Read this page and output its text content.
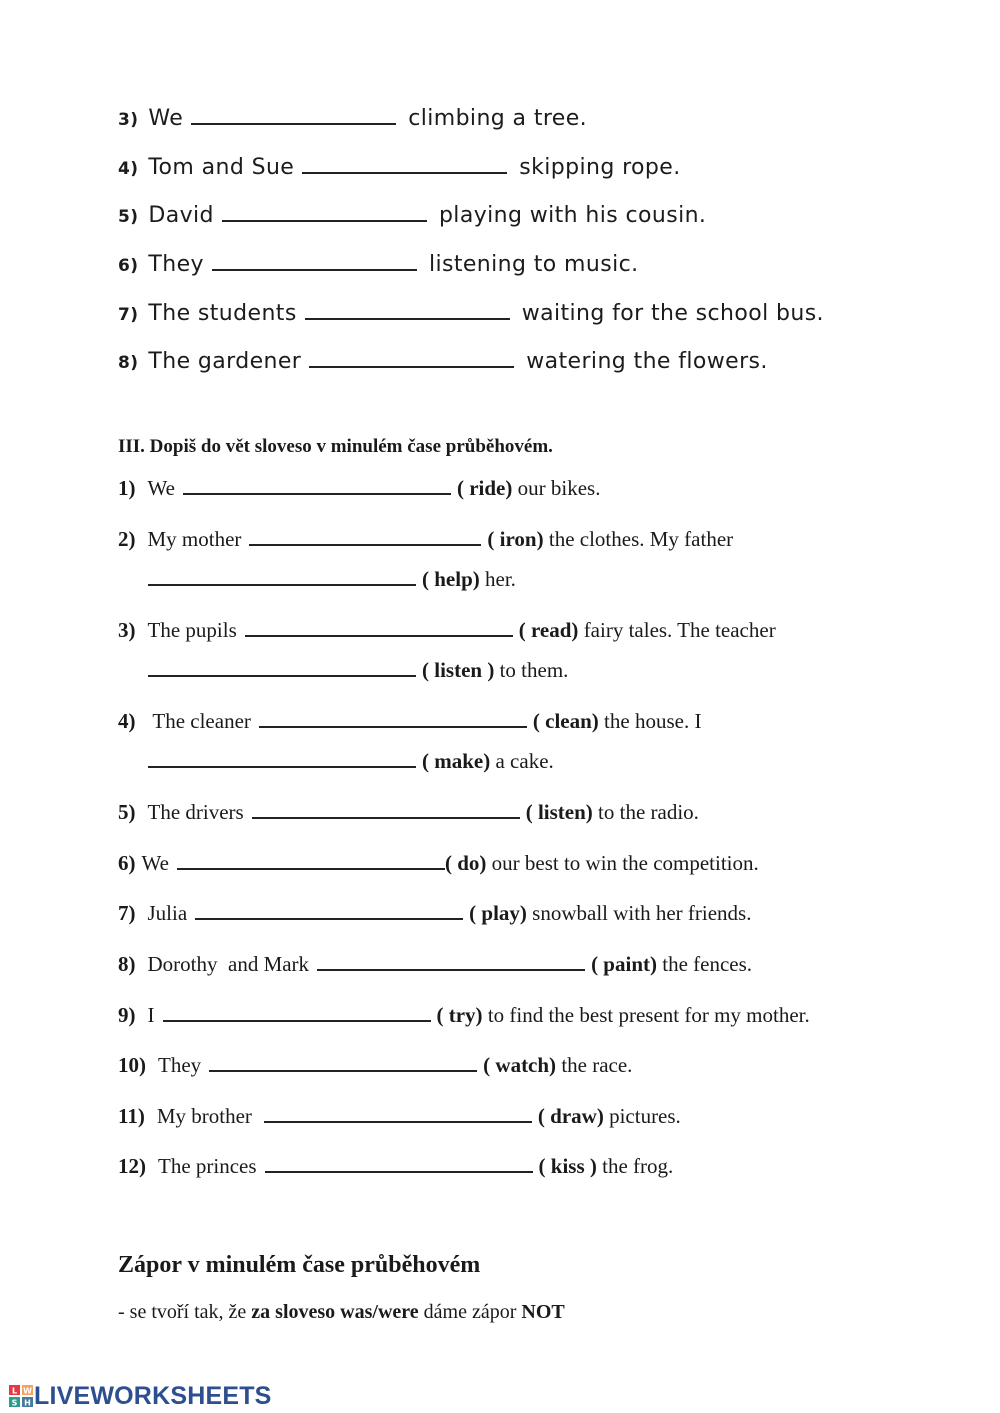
3) We	climbing a tree.
4) Tom and Sue	skipping rope.
5) David	playing with his cousin.
6) They	listening to music.
7) The students	waiting for the school bus.
8) The gardener	watering the flowers.
III. Dopiš do vět sloveso v minulém čase průběhovém.
1) We	( ride) our bikes.
2) My mother	( iron) the clothes. My father
( help) her.
3) The pupils	( read) fairy tales. The teacher
( listen ) to them.
4) The cleaner	( clean) the house. I
( make) a cake.
5) The drivers	( listen) to the radio.
6) We	( do) our best to win the competition.
7) Julia	( play) snowball with her friends.
8) Dorothy  and Mark	( paint) the fences.
9) I	( try) to find the best present for my mother.
10) They	( watch) the race.
11) My brother	( draw) pictures.
12) The princes	( kiss ) the frog.
Zápor v minulém čase průběhovém
- se tvoří tak, že za sloveso was/were dáme zápor NOT
L W
S H LIVEWORKSHEETS
